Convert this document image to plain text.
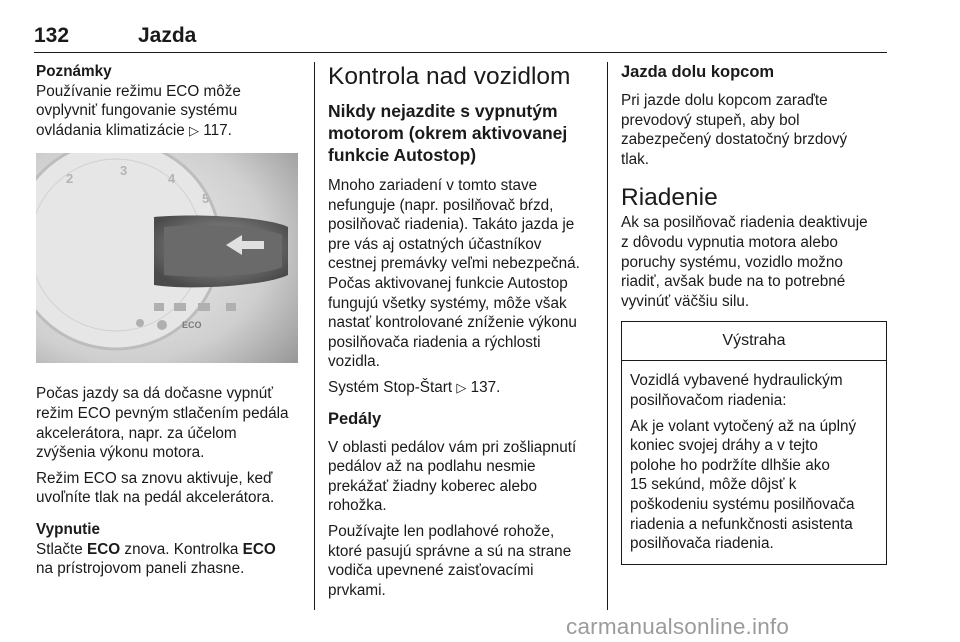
132	Jazda
Poznámky

Používanie režimu ECO môže
ovplyvniť fungovanie systému
ovládania klimatizácie ▷ 117.

2
3
4
5
ECO

Počas jazdy sa dá dočasne vypnúť
režim ECO pevným stlačením pedála
akcelerátora, napr. za účelom
zvýšenia výkonu motora.

Režim ECO sa znovu aktivuje, keď
uvoľníte tlak na pedál akcelerátora.

Vypnutie

Stlačte ECO znova. Kontrolka ECO
na prístrojovom paneli zhasne.

Kontrola nad vozidlom
Nikdy nejazdite s vypnutým
motorom (okrem aktivovanej
funkcie Autostop)

Mnoho zariadení v tomto stave
nefunguje (napr. posilňovač bŕzd,
posilňovač riadenia). Takáto jazda je
pre vás aj ostatných účastníkov
cestnej premávky veľmi nebezpečná.
Počas aktivovanej funkcie Autostop
fungujú všetky systémy, môže však
nastať kontrolované zníženie výkonu
posilňovača riadenia a rýchlosti
vozidla.

Systém Stop-Štart ▷ 137.

Pedály

V oblasti pedálov vám pri zošliapnutí
pedálov až na podlahu nesmie
prekážať žiadny koberec alebo
rohožka.

Používajte len podlahové rohože,
ktoré pasujú správne a sú na strane
vodiča upevnené zaisťovacími
prvkami.

Jazda dolu kopcom

Pri jazde dolu kopcom zaraďte
prevodový stupeň, aby bol
zabezpečený dostatočný brzdový
tlak.

Riadenie

Ak sa posilňovač riadenia deaktivuje
z dôvodu vypnutia motora alebo
poruchy systému, vozidlo možno
riadiť, avšak bude na to potrebné
vyvinúť väčšiu silu.

Výstraha

Vozidlá vybavené hydraulickým
posilňovačom riadenia:

Ak je volant vytočený až na úplný
koniec svojej dráhy a v tejto
polohe ho podržíte dlhšie ako
15 sekúnd, môže dôjsť k
poškodeniu systému posilňovača
riadenia a nefunkčnosti asistenta
posilňovača riadenia.

carmanualsonline.info
